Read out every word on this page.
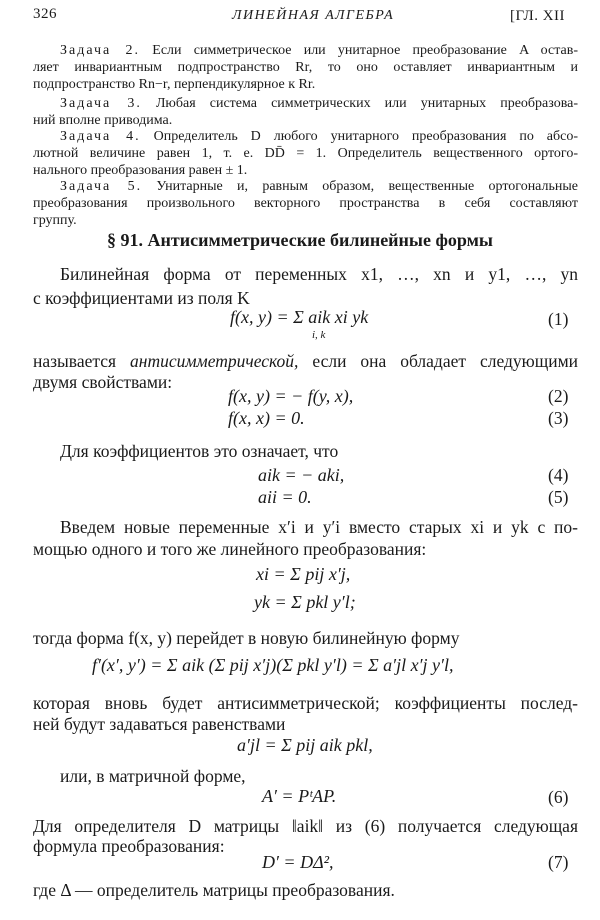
326	ЛИНЕЙНАЯ АЛГЕБРА	[ГЛ. XII
Задача 2. Если симметрическое или унитарное преобразование A остав-
ляет инвариантным подпространство Rr, то оно оставляет инвариантным и
подпространство Rn−r, перпендикулярное к Rr.
Задача 3. Любая система симметрических или унитарных преобразова-
ний вполне приводима.
Задача 4. Определитель D любого унитарного преобразования по абсо-
лютной величине равен 1, т. е. DD̄ = 1. Определитель вещественного ортого-
нального преобразования равен ± 1.
Задача 5. Унитарные и, равным образом, вещественные ортогональные
преобразования произвольного векторного пространства в себя составляют
группу.
§ 91. Антисимметрические билинейные формы
Билинейная форма от переменных x1, …, xn и y1, …, yn
с коэффициентами из поля K
f(x, y) = Σ aik xi yk
i, k
(1)
называется антисимметрической, если она обладает следующими
двумя свойствами:
f(x, y) = − f(y, x),	(2)
f(x, x) = 0.	(3)
Для коэффициентов это означает, что
aik = − aki,	(4)
aii = 0.	(5)
Введем новые переменные x′i и y′i вместо старых xi и yk с по-
мощью одного и того же линейного преобразования:
xi = Σ pij x′j,
yk = Σ pkl y′l;
тогда форма f(x, y) перейдет в новую билинейную форму
f′(x′, y′) = Σ aik (Σ pij x′j)(Σ pkl y′l) = Σ a′jl x′j y′l,
которая вновь будет антисимметрической; коэффициенты послед-
ней будут задаваться равенствами
a′jl = Σ pij aik pkl,
или, в матричной форме,
A′ = PᵗAP.	(6)
Для определителя D матрицы ‖aik‖ из (6) получается следующая
формула преобразования:
D′ = DΔ²,	(7)
где Δ — определитель матрицы преобразования.
